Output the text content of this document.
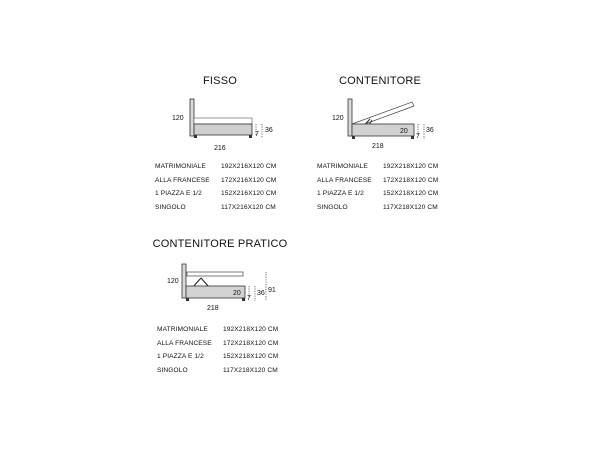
FISSO
120
36
7
216
MATRIMONIALE	192X216X120 CM
ALLA FRANCESE	172X216X120 CM
1 PIAZZA E 1/2	152X216X120 CM
SINGOLO	117X216X120 CM
CONTENITORE
120
20	36
7
218
MATRIMONIALE	192X218X120 CM
ALLA FRANCESE	172X218X120 CM
1 PIAZZA E 1/2	152X218X120 CM
SINGOLO	117X218X120 CM
CONTENITORE PRATICO
120
20 36 91
7
218
MATRIMONIALE	192X218X120 CM
ALLA FRANCESE	172X218X120 CM
1 PIAZZA E 1/2	152X218X120 CM
SINGOLO	117X218X120 CM
